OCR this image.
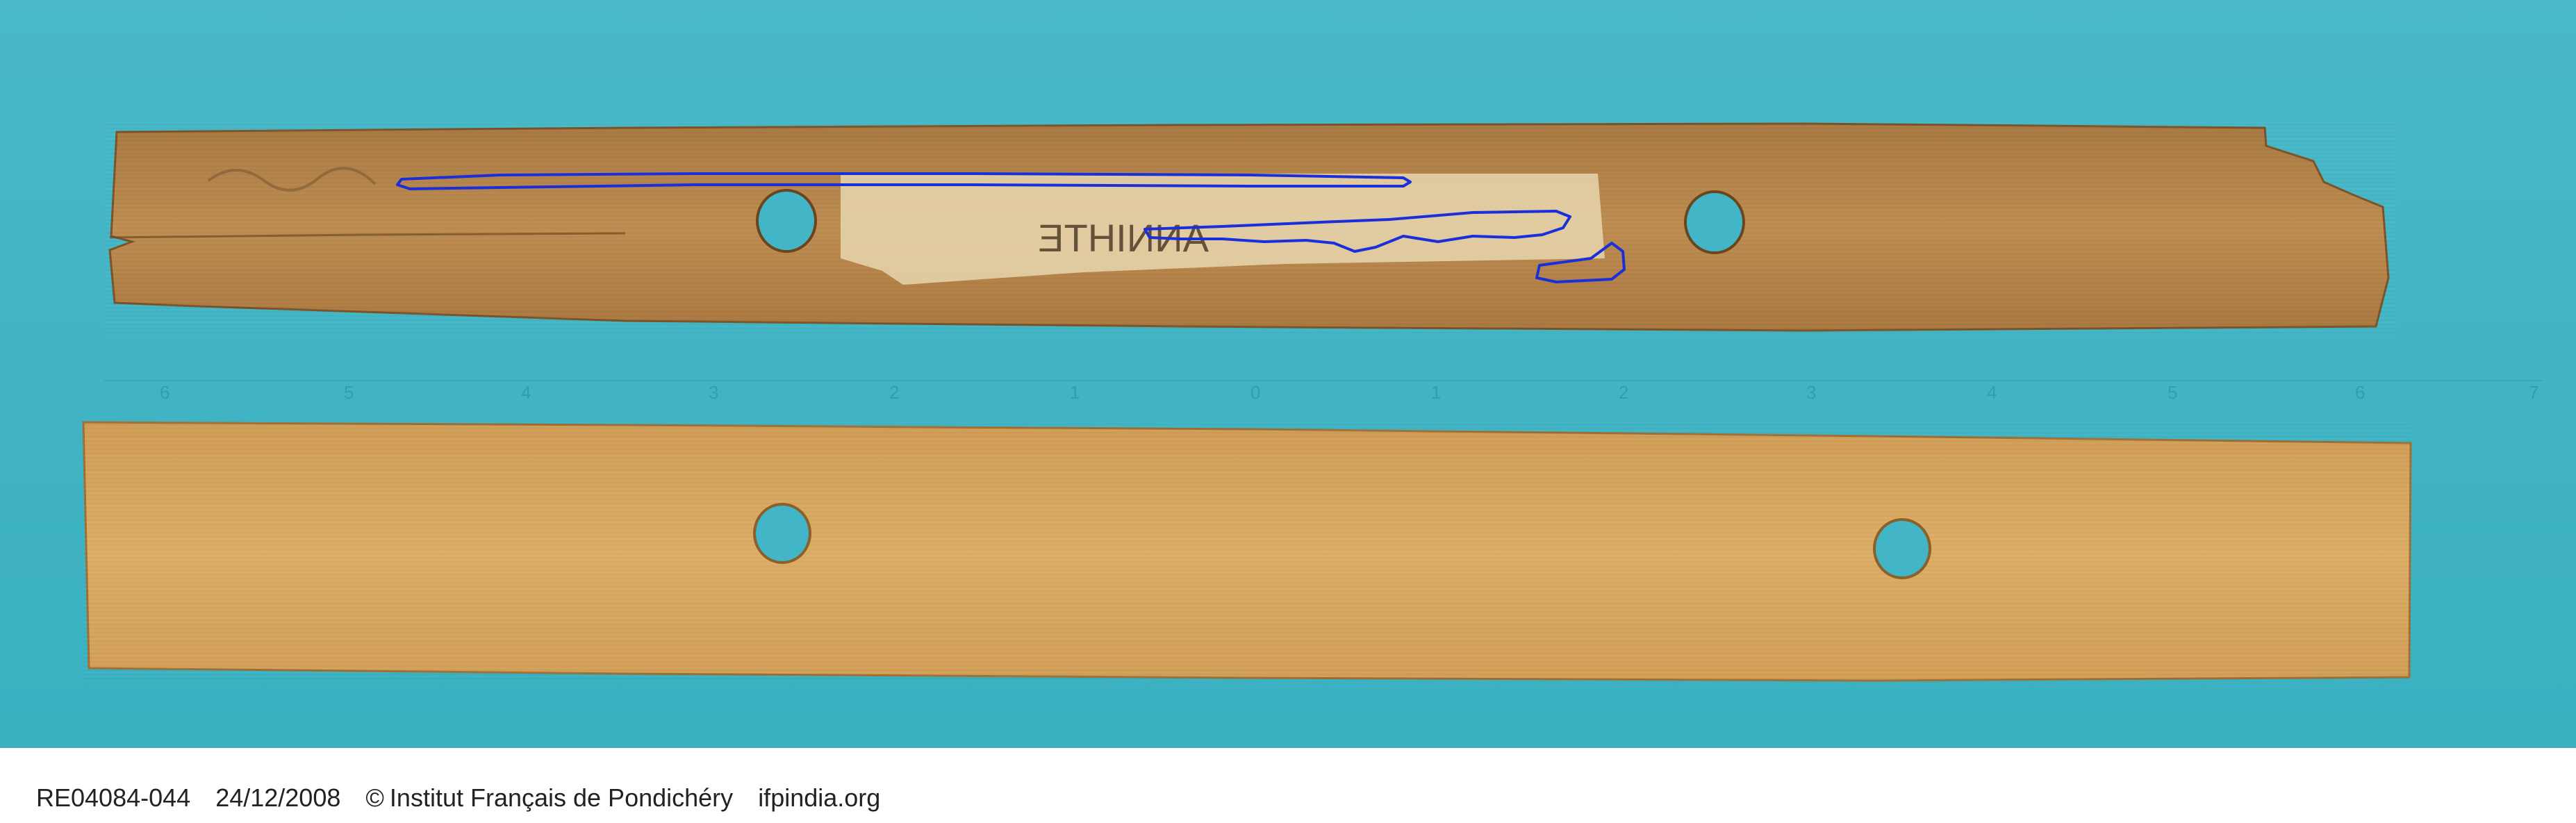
6	5	4	3	2	1	0	1	2	3	4	5	6	7
ANNIHTE
RE04084-044 24/12/2008 © Institut Français de Pondichéry ifpindia.org
